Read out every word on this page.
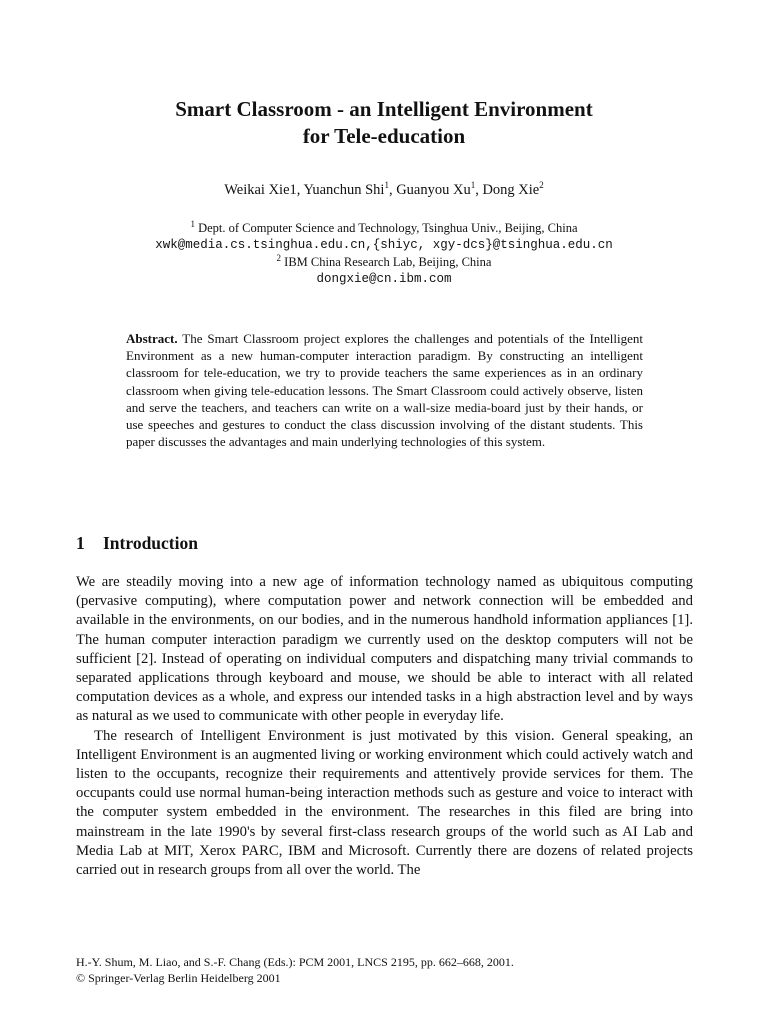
Smart Classroom - an Intelligent Environment
for Tele-education
Weikai Xie1, Yuanchun Shi$^1$, Guanyou Xu$^1$, Dong Xie$^2$
$^1$ Dept. of Computer Science and Technology, Tsinghua Univ., Beijing, China
xwk@media.cs.tsinghua.edu.cn,{shiyc, xgy-dcs}@tsinghua.edu.cn
$^2$ IBM China Research Lab, Beijing, China
dongxie@cn.ibm.com
Abstract. The Smart Classroom project explores the challenges and potentials of the Intelligent Environment as a new human-computer interaction paradigm. By constructing an intelligent classroom for tele-education, we try to provide teachers the same experiences as in an ordinary classroom when giving tele-education lessons. The Smart Classroom could actively observe, listen and serve the teachers, and teachers can write on a wall-size media-board just by their hands, or use speeches and gestures to conduct the class discussion involving of the distant students. This paper discusses the advantages and main underlying technologies of this system.
1 Introduction

We are steadily moving into a new age of information technology named as ubiquitous computing (pervasive computing), where computation power and network connection will be embedded and available in the environments, on our bodies, and in the numerous handhold information appliances [1]. The human computer interaction paradigm we currently used on the desktop computers will not be sufficient [2]. Instead of operating on individual computers and dispatching many trivial commands to separated applications through keyboard and mouse, we should be able to interact with all related computation devices as a whole, and express our intended tasks in a high abstraction level and by ways as natural as we used to communicate with other people in everyday life.

The research of Intelligent Environment is just motivated by this vision. General speaking, an Intelligent Environment is an augmented living or working environment which could actively watch and listen to the occupants, recognize their requirements and attentively provide services for them. The occupants could use normal human-being interaction methods such as gesture and voice to interact with the computer system embedded in the environment. The researches in this filed are bring into mainstream in the late 1990's by several first-class research groups of the world such as AI Lab and Media Lab at MIT, Xerox PARC, IBM and Microsoft. Currently there are dozens of related projects carried out in research groups from all over the world. The

H.-Y. Shum, M. Liao, and S.-F. Chang (Eds.): PCM 2001, LNCS 2195, pp. 662–668, 2001.
© Springer-Verlag Berlin Heidelberg 2001
